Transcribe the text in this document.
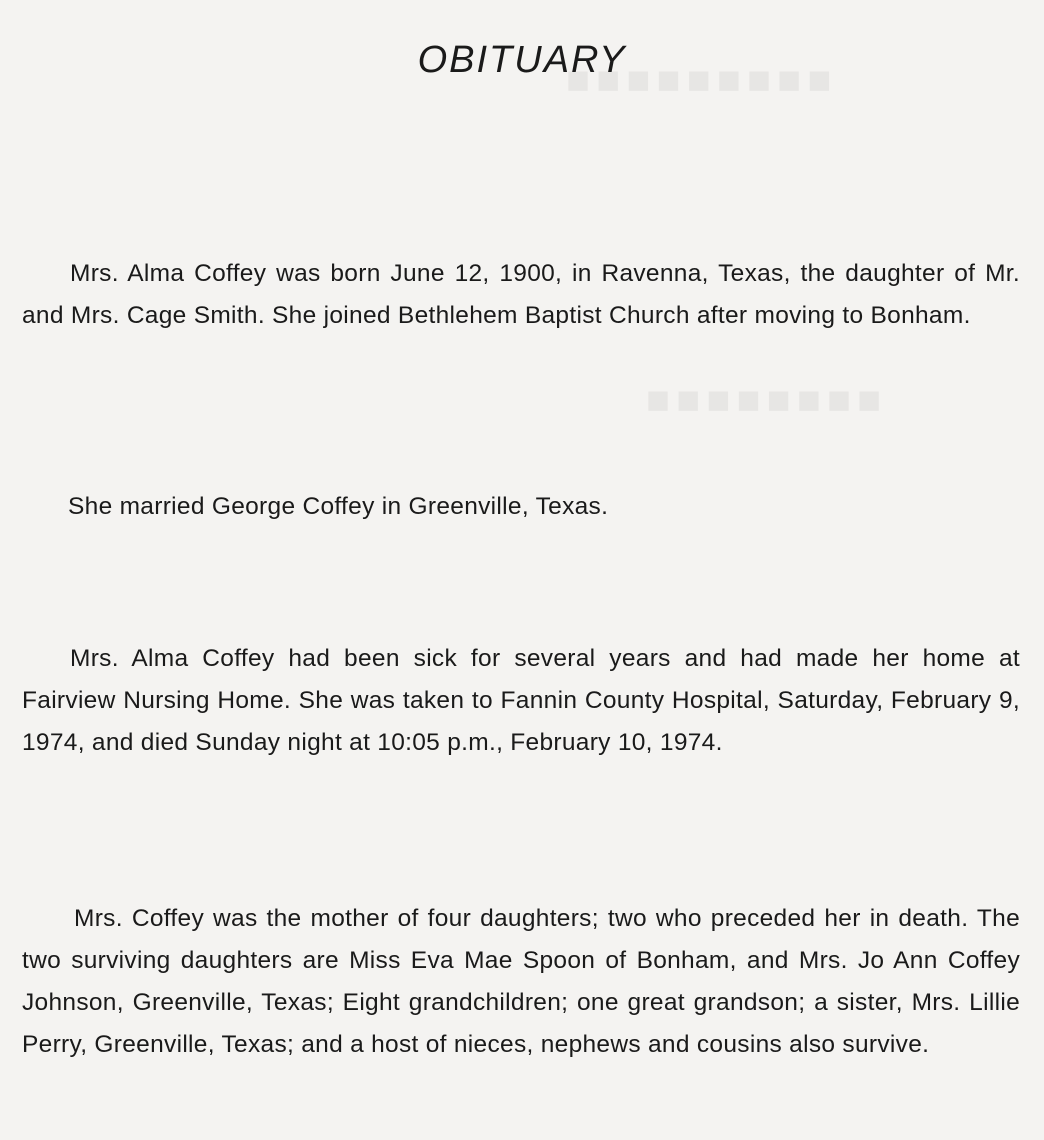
■■■■■■■■■
■■■■■■■■
OBITUARY

Mrs. Alma Coffey was born June 12, 1900, in Ravenna, Texas, the daughter of Mr. and Mrs. Cage Smith. She joined Bethlehem Baptist Church after moving to Bonham.

She married George Coffey in Greenville, Texas.

Mrs. Alma Coffey had been sick for several years and had made her home at Fairview Nursing Home. She was taken to Fannin County Hospital, Saturday, February 9, 1974, and died Sunday night at 10:05 p.m., February 10, 1974.

Mrs. Coffey was the mother of four daughters; two who preceded her in death. The two surviving daughters are Miss Eva Mae Spoon of Bonham, and Mrs. Jo Ann Coffey Johnson, Greenville, Texas; Eight grandchildren; one great grandson; a sister, Mrs. Lillie Perry, Greenville, Texas; and a host of nieces, nephews and cousins also survive.
